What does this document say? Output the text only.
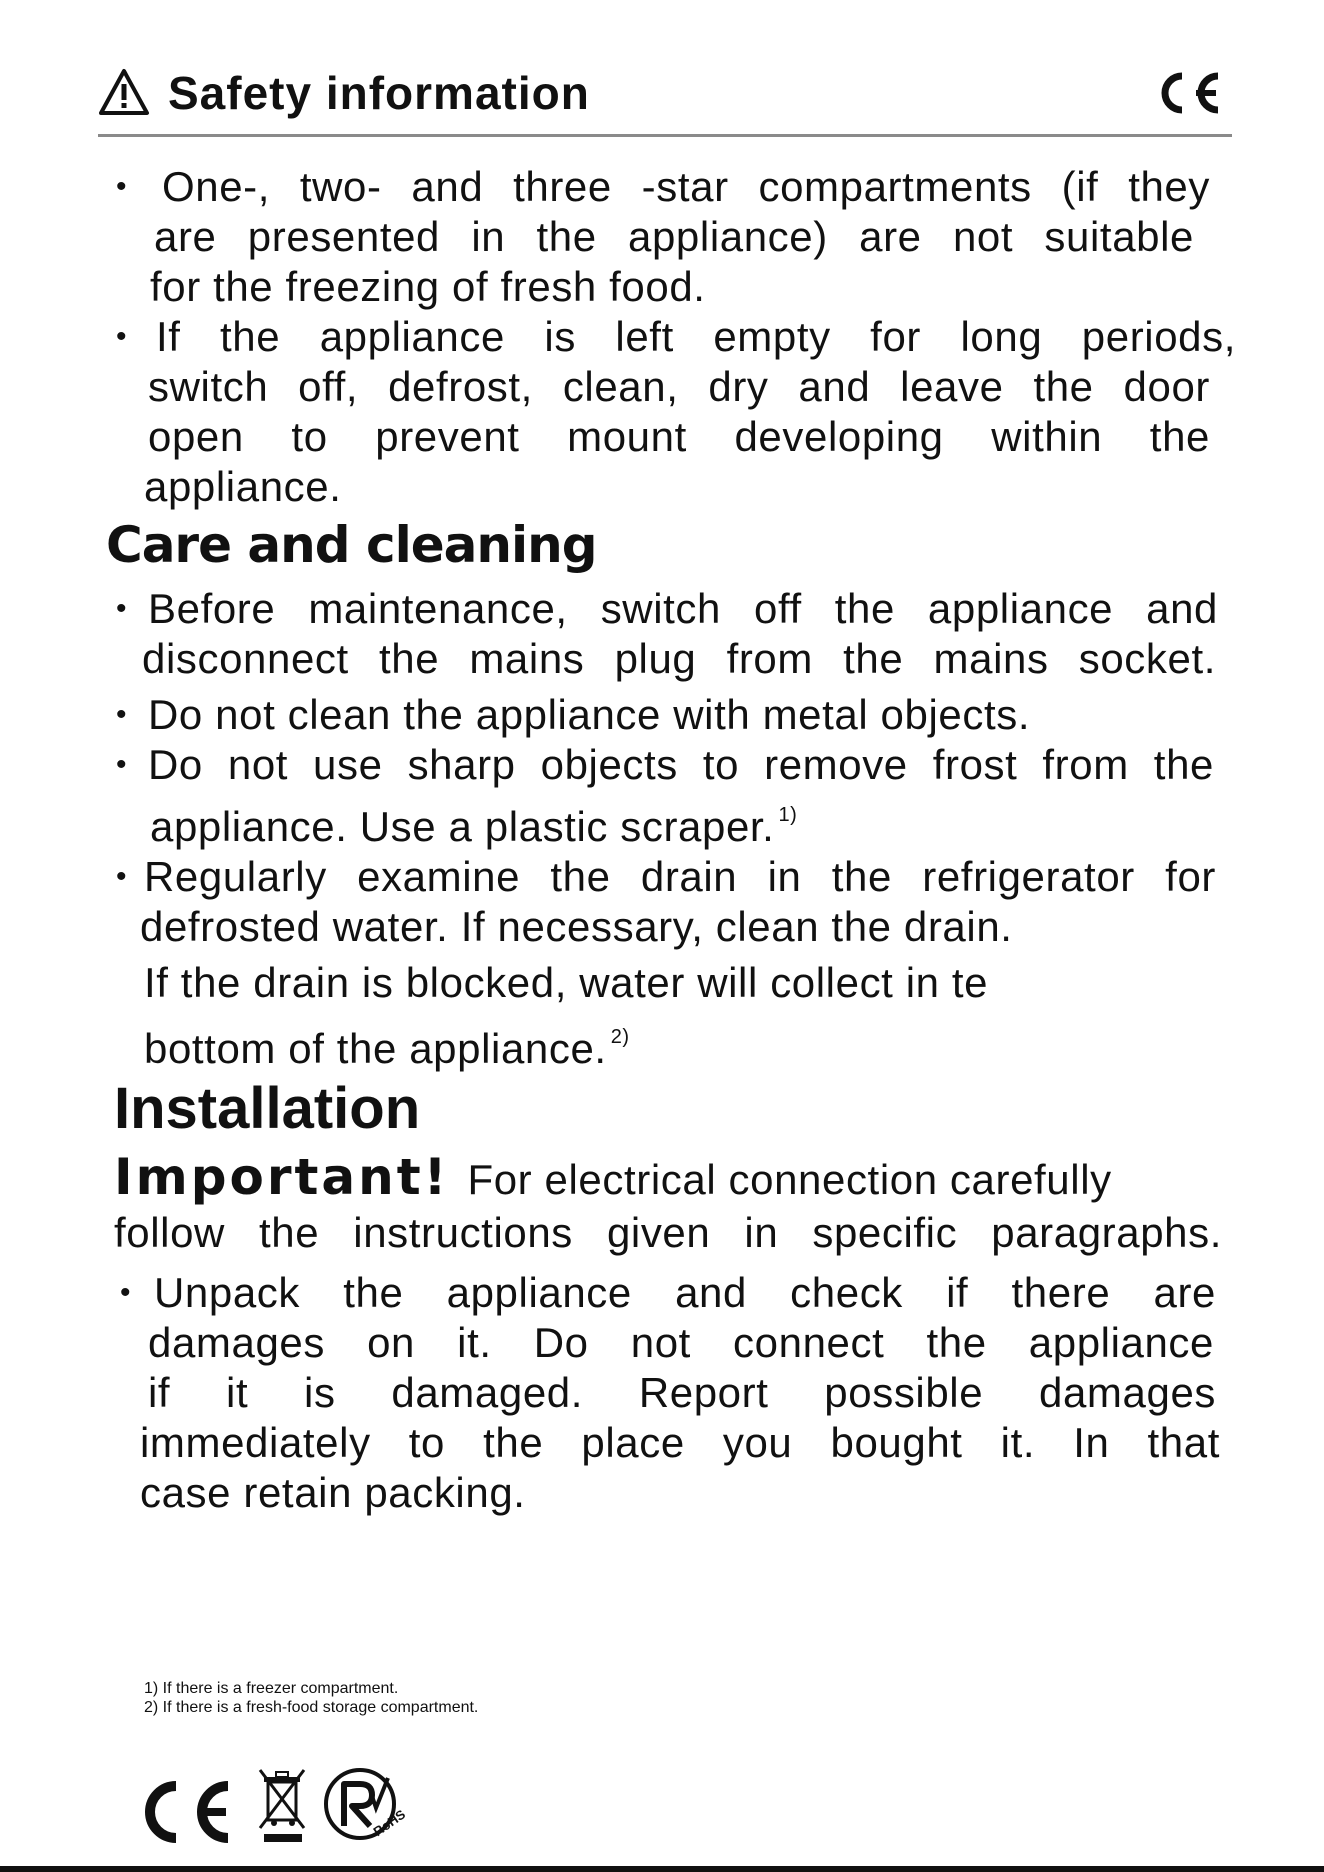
Safety information
• One-, two- and three -star compartments (if they
are presented in the appliance) are not suitable
for the freezing of fresh food.
• If the appliance is left empty for long periods,
switch off, defrost, clean, dry and leave the door
open to prevent mount developing within the
appliance.
Care and cleaning
• Before maintenance, switch off the appliance and
disconnect the mains plug from the mains socket.
• Do not clean the appliance with metal objects.
• Do not use sharp objects to remove frost from the
appliance. Use a plastic scraper. $^{1)}$
• Regularly examine the drain in the refrigerator for
defrosted water. If necessary, clean the drain.
If the drain is blocked, water will collect in te
bottom of the appliance. $^{2)}$
Installation
Important! For electrical connection carefully
follow the instructions given in specific paragraphs.
• Unpack the appliance and check if there are
damages on it. Do not connect the appliance
if it is damaged. Report possible damages
immediately to the place you bought it. In that
case retain packing.
1) If there is a freezer compartment.
2) If there is a fresh-food storage compartment.
RoHS
